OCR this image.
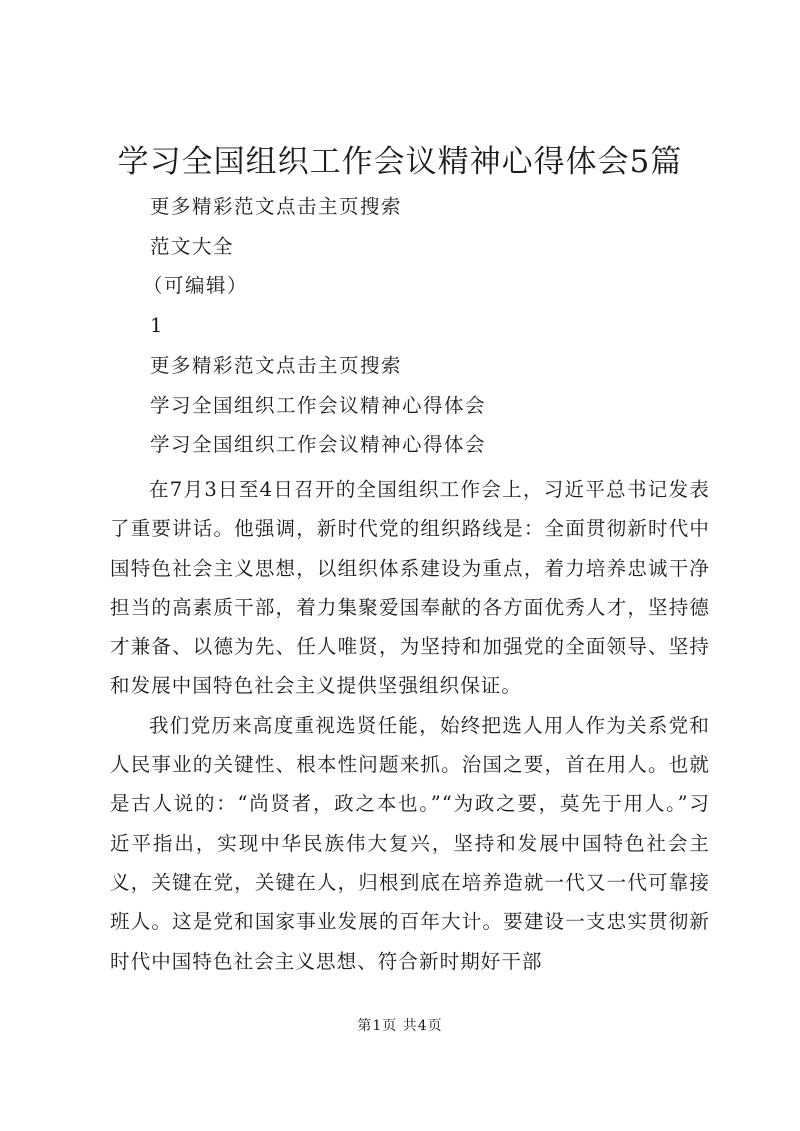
学习全国组织工作会议精神心得体会5篇
更多精彩范文点击主页搜索
范文大全
（可编辑）
1
更多精彩范文点击主页搜索
学习全国组织工作会议精神心得体会
学习全国组织工作会议精神心得体会

在7月3日至4日召开的全国组织工作会上，习近平总书记发表了重要讲话。他强调，新时代党的组织路线是：全面贯彻新时代中国特色社会主义思想，以组织体系建设为重点，着力培养忠诚干净担当的高素质干部，着力集聚爱国奉献的各方面优秀人才，坚持德才兼备、以德为先、任人唯贤，为坚持和加强党的全面领导、坚持和发展中国特色社会主义提供坚强组织保证。

我们党历来高度重视选贤任能，始终把选人用人作为关系党和人民事业的关键性、根本性问题来抓。治国之要，首在用人。也就是古人说的：“尚贤者，政之本也。”“为政之要，莫先于用人。”习近平指出，实现中华民族伟大复兴，坚持和发展中国特色社会主义，关键在党，关键在人，归根到底在培养造就一代又一代可靠接班人。这是党和国家事业发展的百年大计。要建设一支忠实贯彻新时代中国特色社会主义思想、符合新时期好干部

第1页 共4页
